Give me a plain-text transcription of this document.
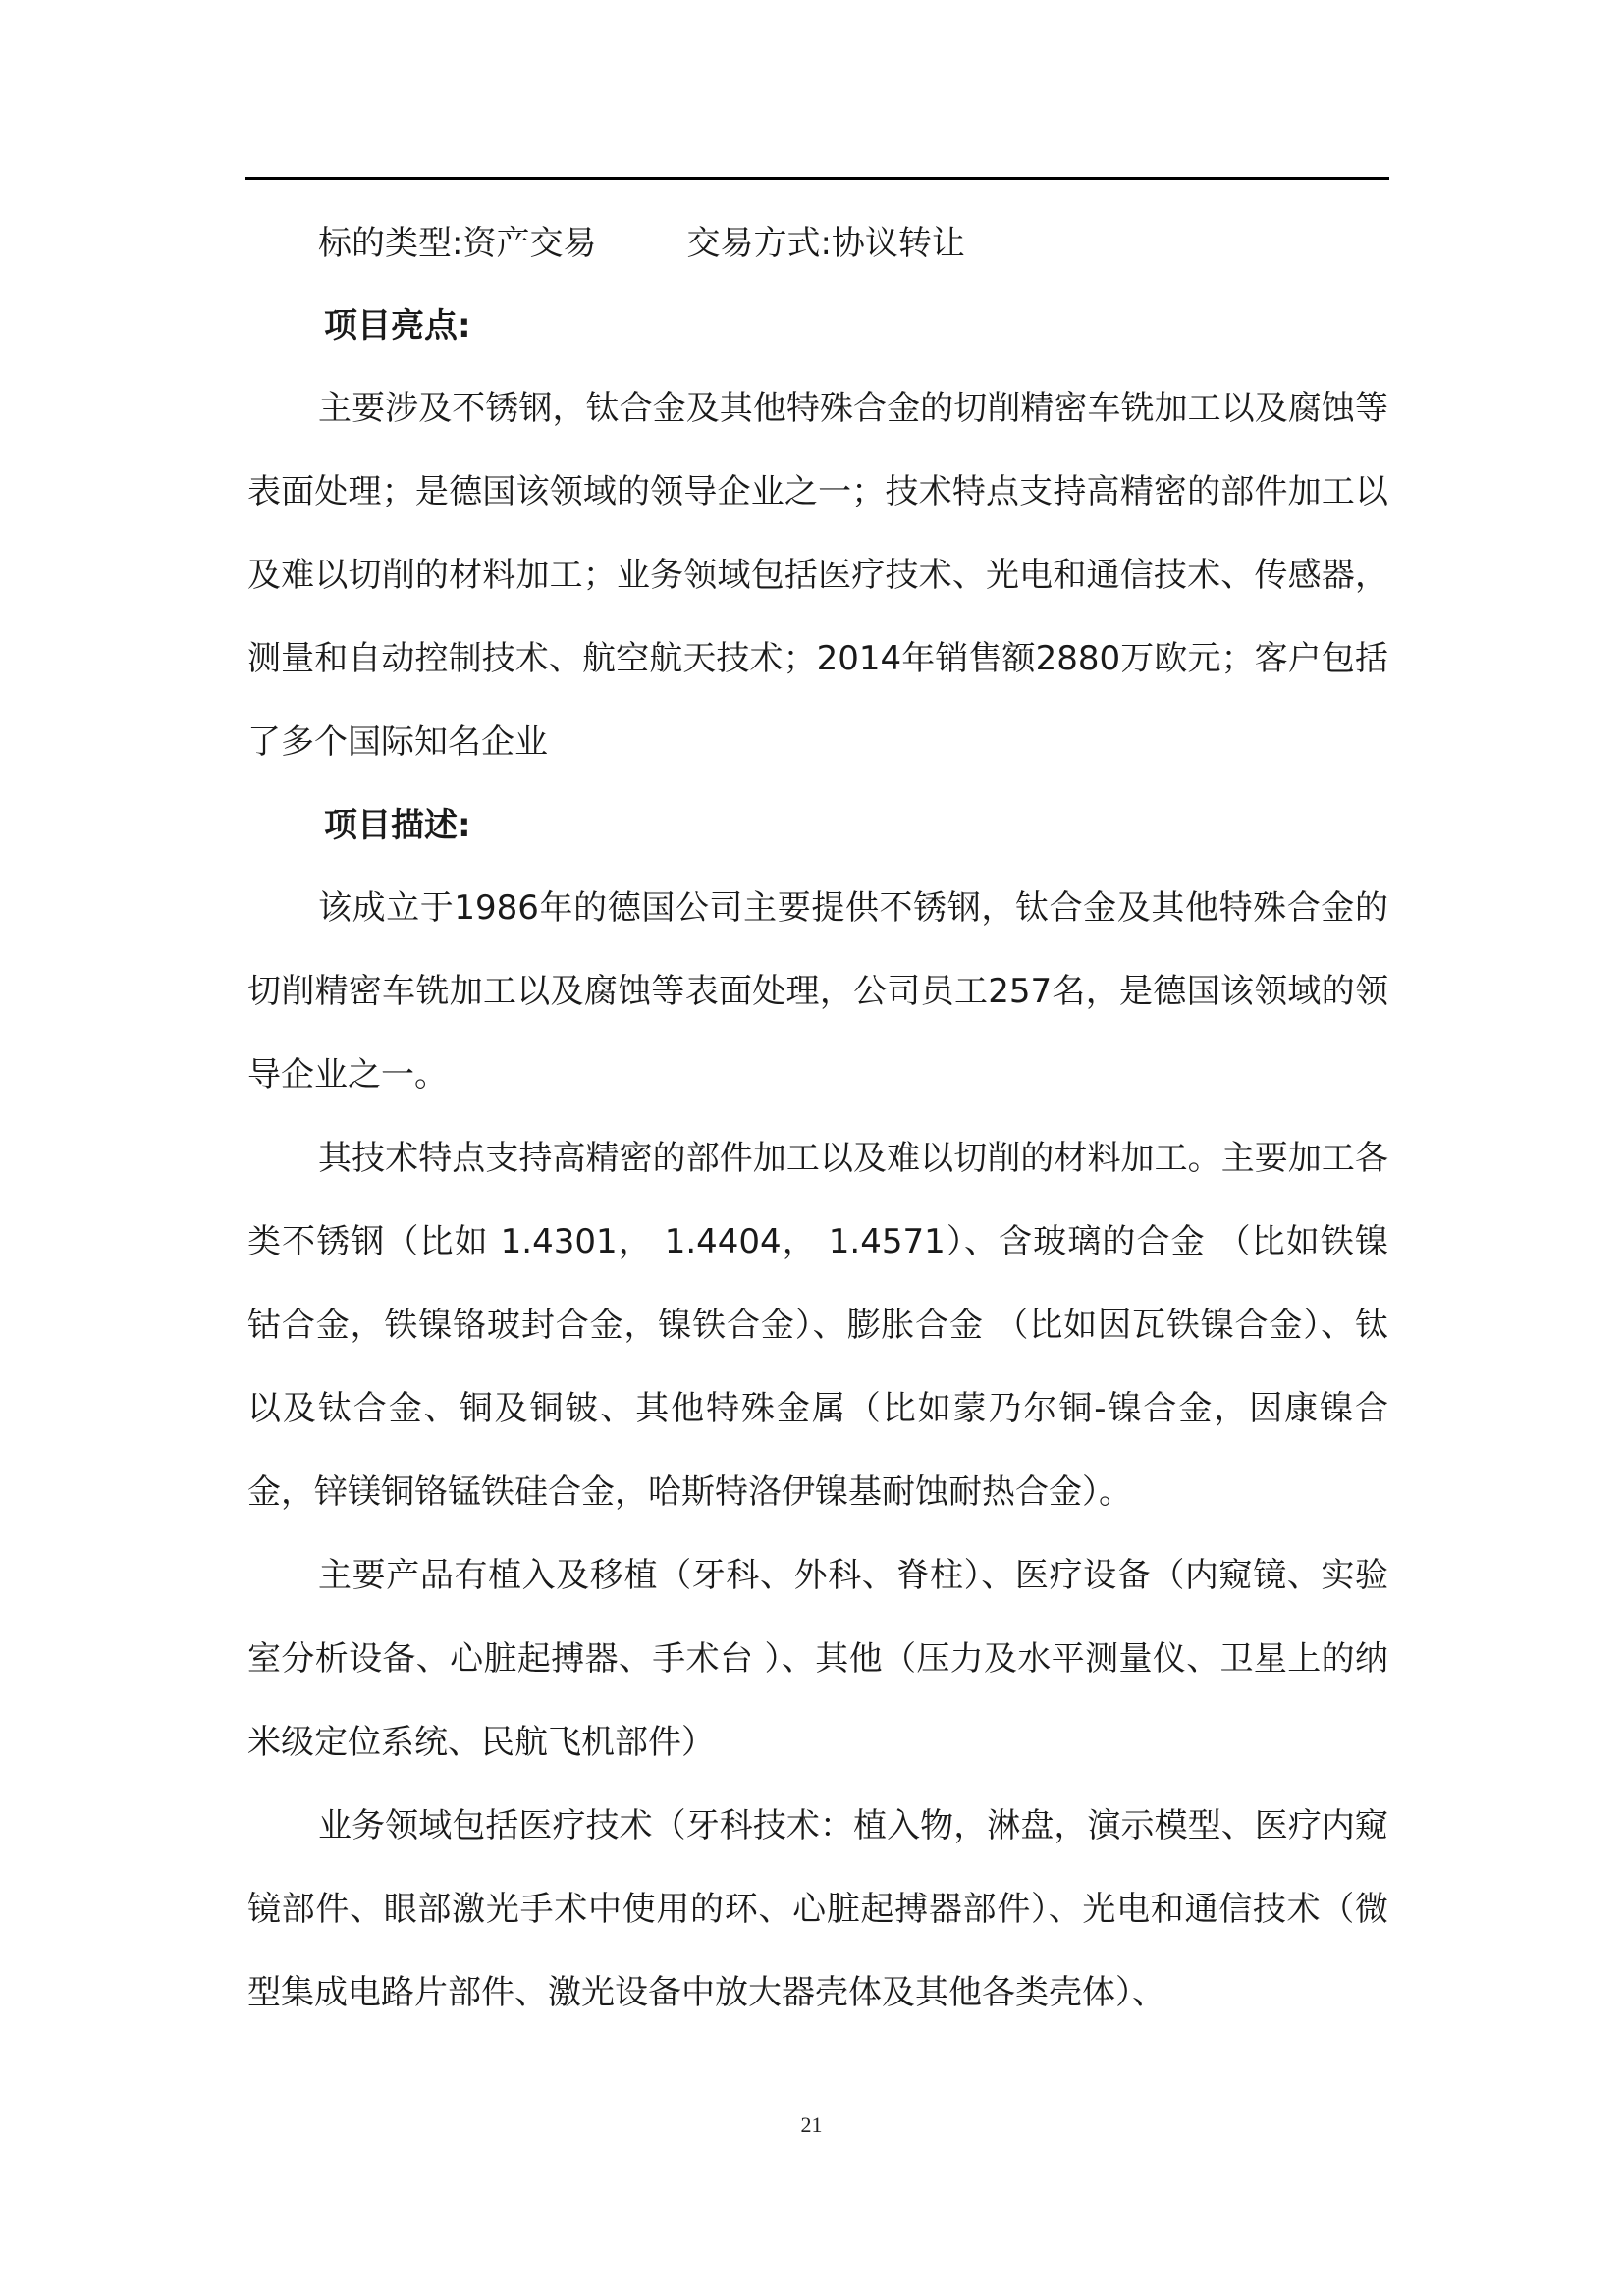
标的类型:资产交易	交易方式:协议转让
项目亮点:

主要涉及不锈钢，钛合金及其他特殊合金的切削精密车铣加工以及腐蚀等表面处理；是德国该领域的领导企业之一；技术特点支持高精密的部件加工以及难以切削的材料加工；业务领域包括医疗技术、光电和通信技术、传感器，测量和自动控制技术、航空航天技术；2014年销售额2880万欧元；客户包括了多个国际知名企业

项目描述:

该成立于1986年的德国公司主要提供不锈钢，钛合金及其他特殊合金的切削精密车铣加工以及腐蚀等表面处理，公司员工257名，是德国该领域的领导企业之一。

其技术特点支持高精密的部件加工以及难以切削的材料加工。主要加工各类不锈钢（比如 1.4301， 1.4404， 1.4571）、含玻璃的合金 （比如铁镍钴合金，铁镍铬玻封合金，镍铁合金）、膨胀合金 （比如因瓦铁镍合金）、钛以及钛合金、铜及铜铍、其他特殊金属（比如蒙乃尔铜-镍合金，因康镍合金，锌镁铜铬锰铁硅合金，哈斯特洛伊镍基耐蚀耐热合金）。

主要产品有植入及移植（牙科、外科、脊柱）、医疗设备（内窥镜、实验室分析设备、心脏起搏器、手术台 ）、其他（压力及水平测量仪、卫星上的纳米级定位系统、民航飞机部件）

业务领域包括医疗技术（牙科技术：植入物，淋盘，演示模型、医疗内窥镜部件、眼部激光手术中使用的环、心脏起搏器部件）、光电和通信技术（微型集成电路片部件、激光设备中放大器壳体及其他各类壳体）、

21
